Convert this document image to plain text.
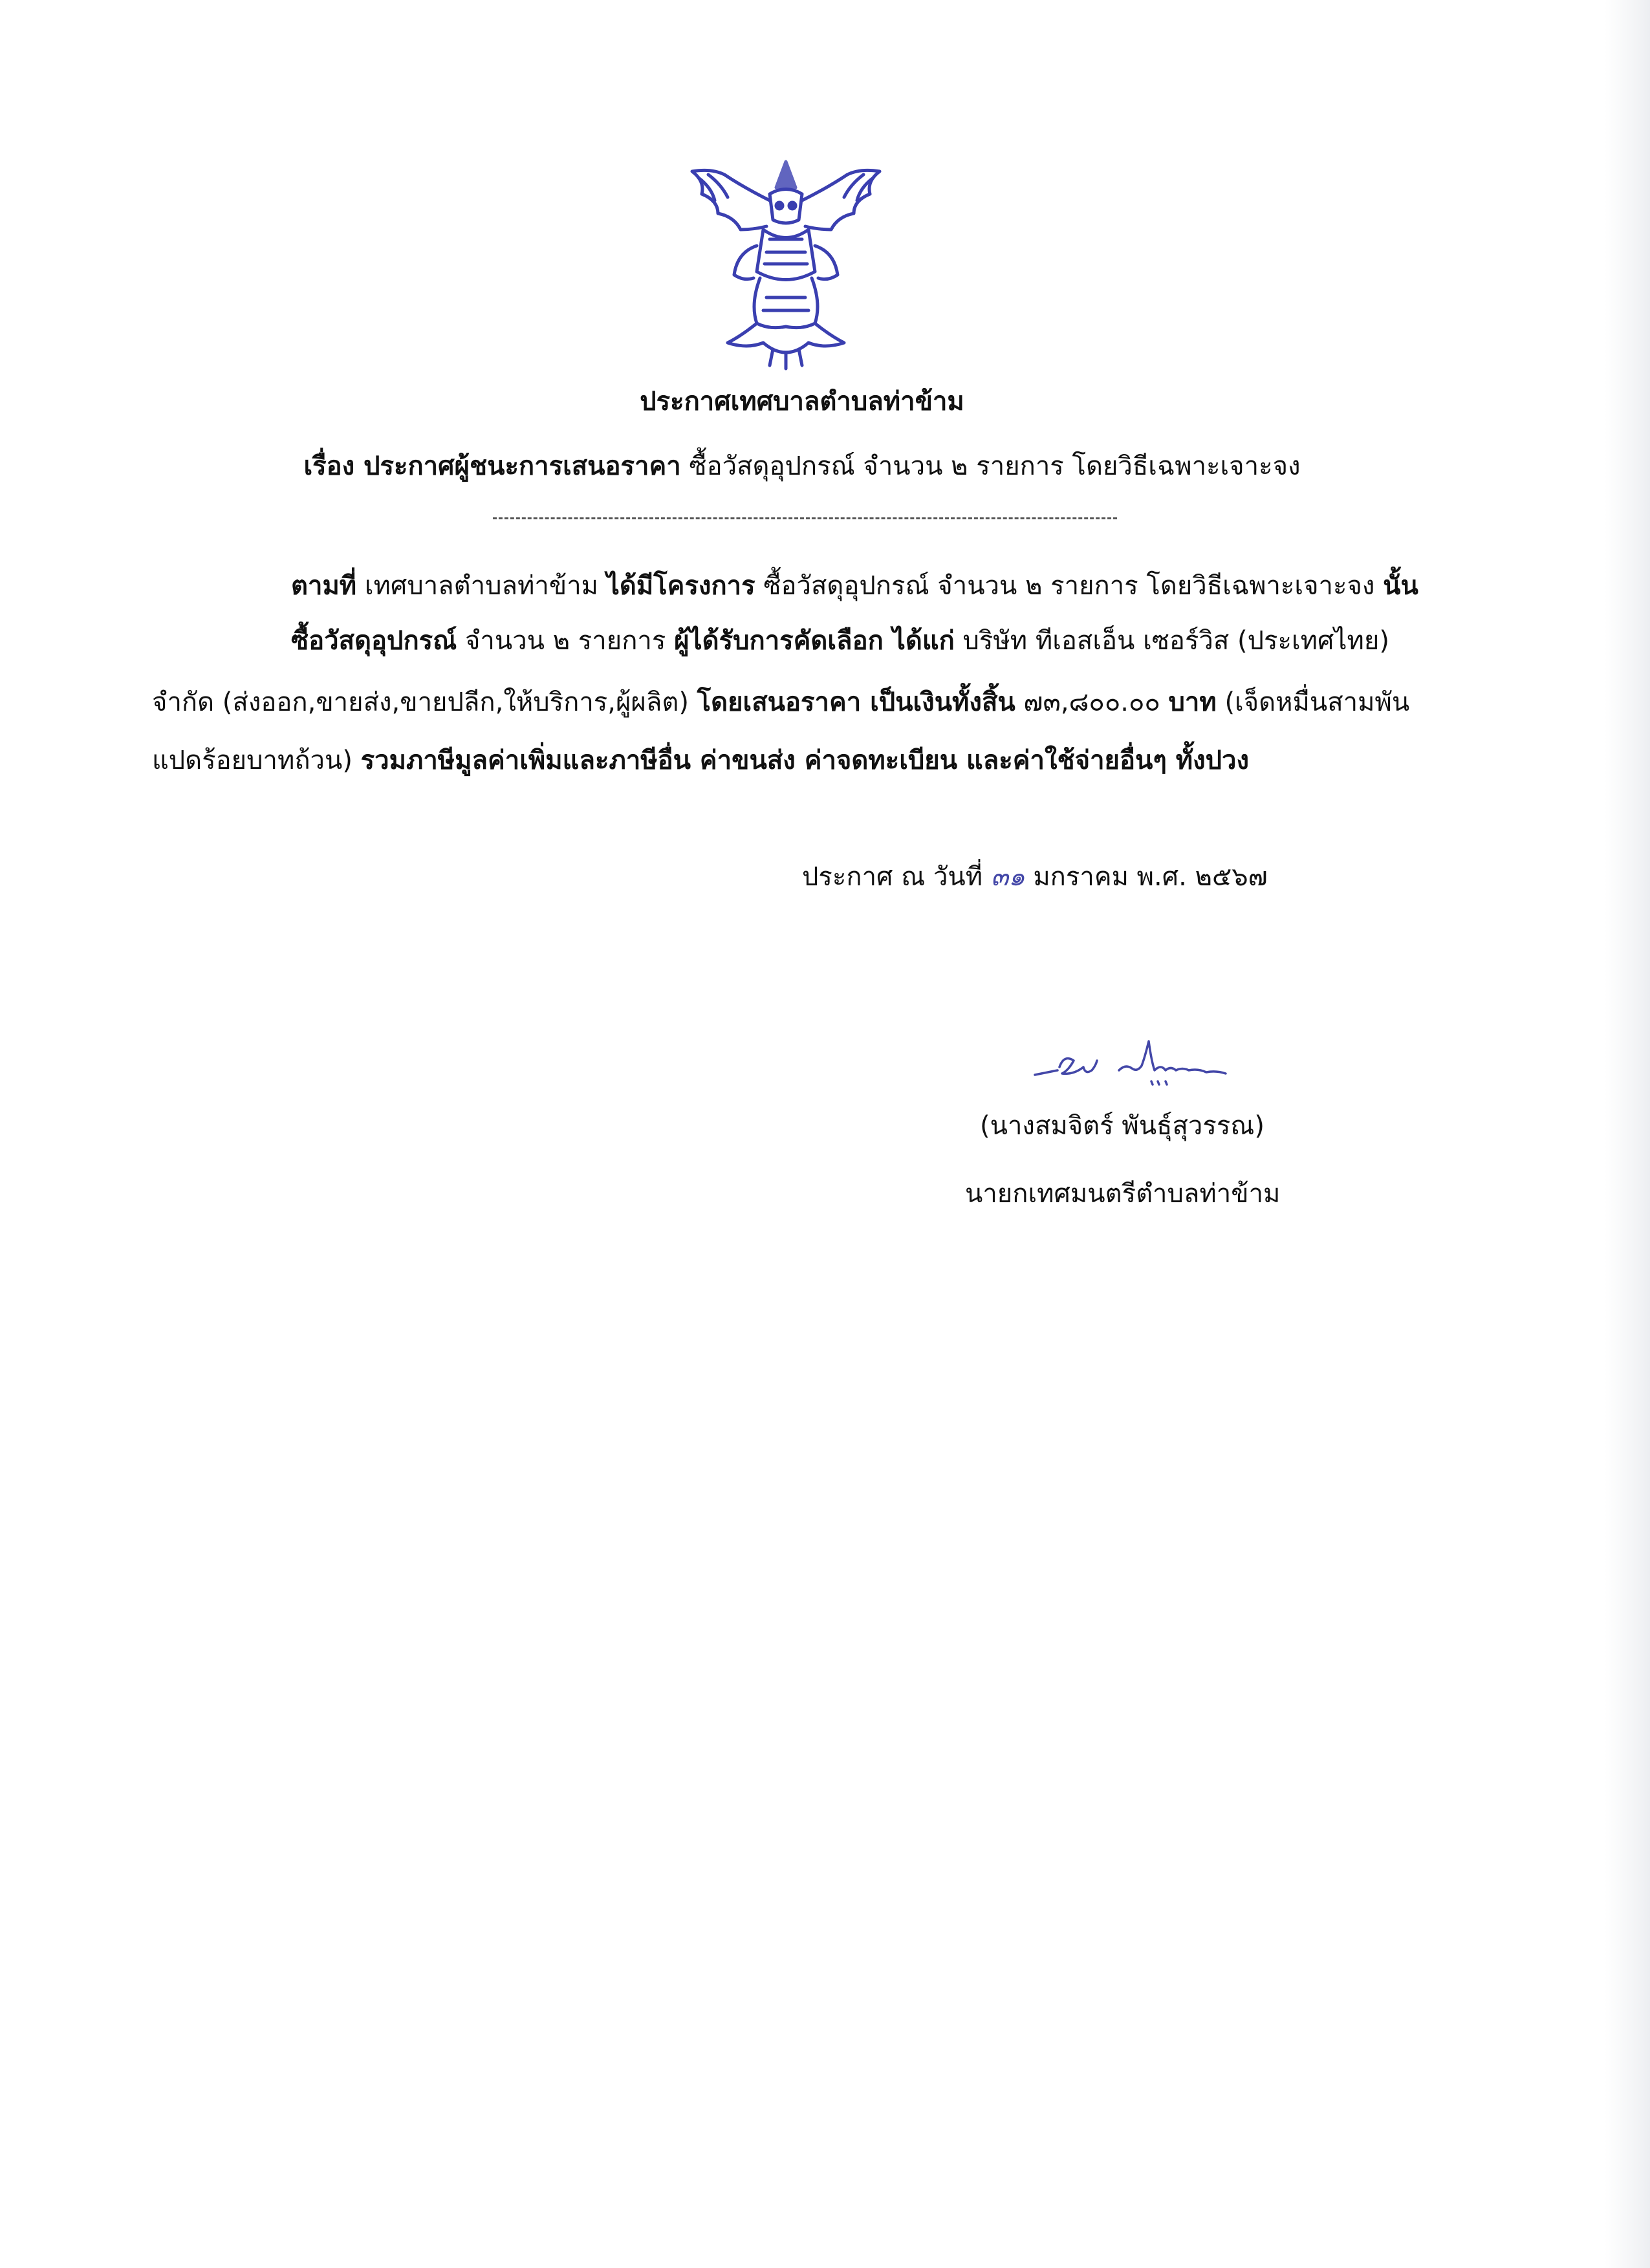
ประกาศเทศบาลตำบลท่าข้าม
เรื่อง ประกาศผู้ชนะการเสนอราคา ซื้อวัสดุอุปกรณ์ จำนวน ๒ รายการ โดยวิธีเฉพาะเจาะจง
ตามที่ เทศบาลตำบลท่าข้าม ได้มีโครงการ ซื้อวัสดุอุปกรณ์ จำนวน ๒ รายการ โดยวิธีเฉพาะเจาะจง นั้น
ซื้อวัสดุอุปกรณ์ จำนวน ๒ รายการ ผู้ได้รับการคัดเลือก ได้แก่ บริษัท ทีเอสเอ็น เซอร์วิส (ประเทศไทย)
จำกัด (ส่งออก,ขายส่ง,ขายปลีก,ให้บริการ,ผู้ผลิต) โดยเสนอราคา เป็นเงินทั้งสิ้น ๗๓,๘๐๐.๐๐ บาท (เจ็ดหมื่นสามพัน
แปดร้อยบาทถ้วน) รวมภาษีมูลค่าเพิ่มและภาษีอื่น ค่าขนส่ง ค่าจดทะเบียน และค่าใช้จ่ายอื่นๆ ทั้งปวง
ประกาศ ณ วันที่ ๓๑ มกราคม พ.ศ. ๒๕๖๗
(นางสมจิตร์ พันธุ์สุวรรณ)
นายกเทศมนตรีตำบลท่าข้าม
